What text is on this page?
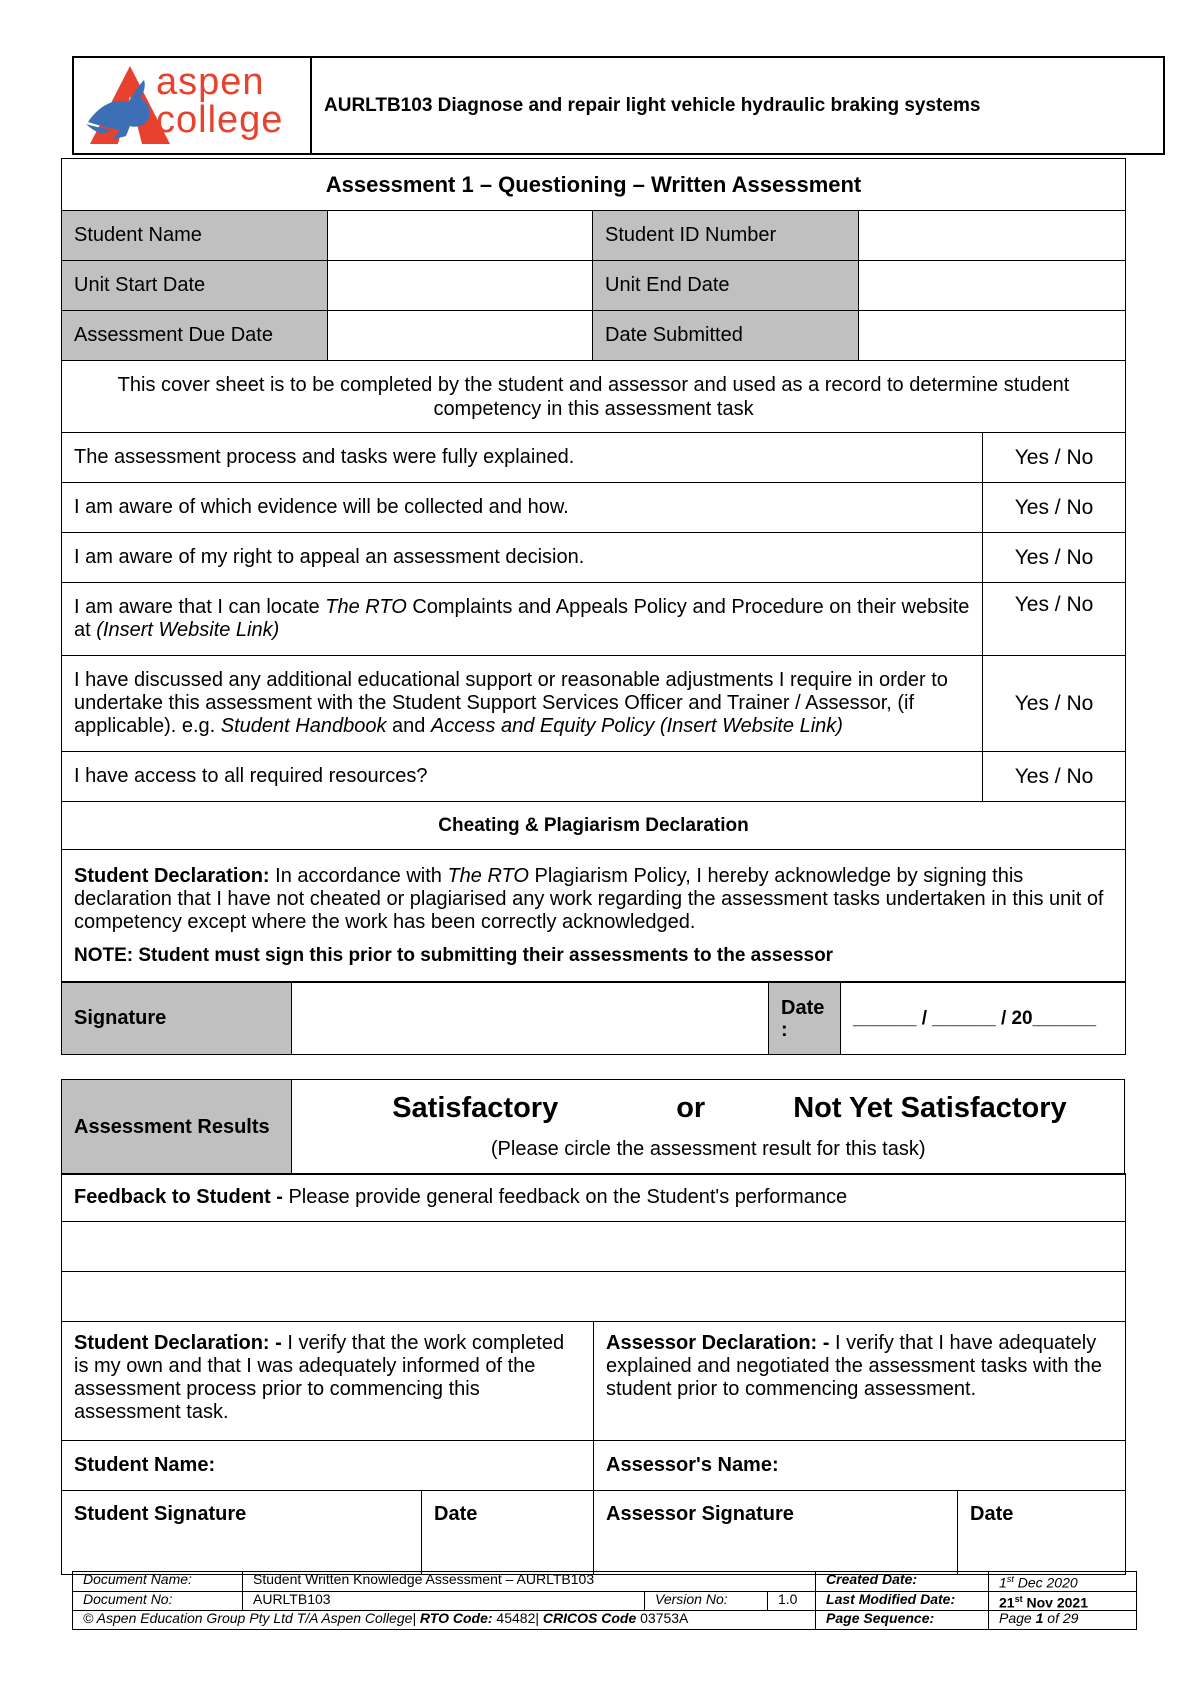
aspen
college	AURLTB103 Diagnose and repair light vehicle hydraulic braking systems
Assessment 1 – Questioning – Written Assessment
Student Name		Student ID Number	
Unit Start Date		Unit End Date	
Assessment Due Date		Date Submitted	
This cover sheet is to be completed by the student and assessor and used as a record to determine student competency in this assessment task	
The assessment process and tasks were fully explained.	Yes / No
I am aware of which evidence will be collected and how.	Yes / No
I am aware of my right to appeal an assessment decision.	Yes / No
I am aware that I can locate The RTO Complaints and Appeals Policy and Procedure on their website at (Insert Website Link)	Yes / No
I have discussed any additional educational support or reasonable adjustments I require in order to undertake this assessment with the Student Support Services Officer and Trainer / Assessor, (if applicable). e.g. Student Handbook and Access and Equity Policy (Insert Website Link)	Yes / No
I have access to all required resources?	Yes / No
Cheating & Plagiarism Declaration	

Student Declaration: In accordance with The RTO Plagiarism Policy, I hereby acknowledge by signing this declaration that I have not cheated or plagiarised any work regarding the assessment tasks undertaken in this unit of competency except where the work has been correctly acknowledged.
NOTE: Student must sign this prior to submitting their assessments to the assessor	
Signature		Date :	______ / ______ / 20______
Assessment Results	
Satisfactory	or	Not Yet Satisfactory
(Please circle the assessment result for this task)
Feedback to Student - Please provide general feedback on the Student's performance

Student Declaration: - I verify that the work completed is my own and that I was adequately informed of the assessment process prior to commencing this assessment task.		Assessor Declaration: - I verify that I have adequately explained and negotiated the assessment tasks with the student prior to commencing assessment.	
Student Name:		Assessor's Name:	
Student Signature	Date	Assessor Signature	Date
Document Name:	Student Written Knowledge Assessment – AURLTB103			Created Date:	1st Dec 2020
Document No:	AURLTB103	Version No:	1.0	Last Modified Date:	21st Nov 2021
© Aspen Education Group Pty Ltd T/A Aspen College| RTO Code: 45482| CRICOS Code 03753A				Page Sequence:	Page 1 of 29
